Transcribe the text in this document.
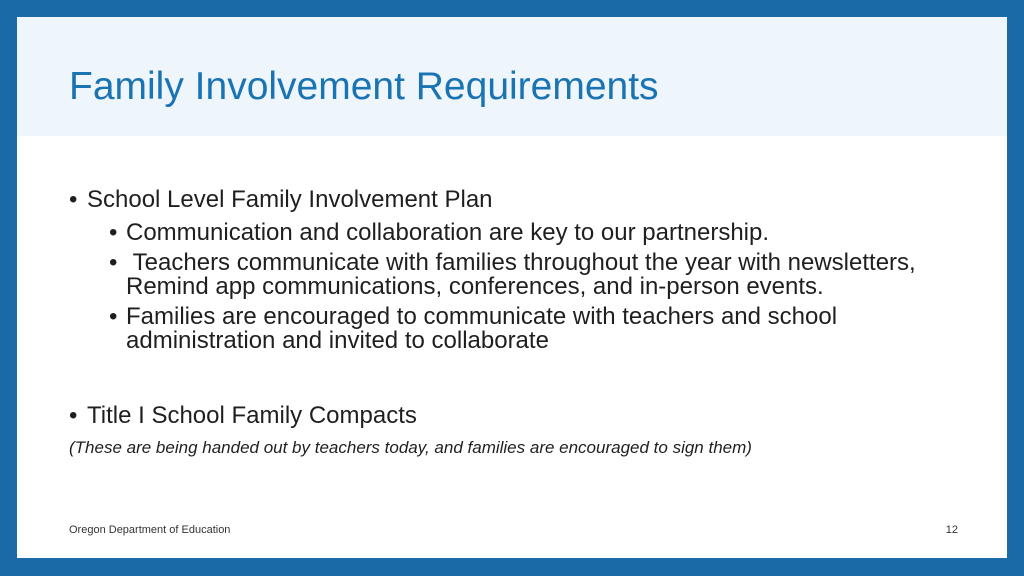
Family Involvement Requirements
• School Level Family Involvement Plan
• Communication and collaboration are key to our partnership.
• Teachers communicate with families throughout the year with newsletters, Remind app communications, conferences, and in-person events.
• Families are encouraged to communicate with teachers and school administration and invited to collaborate
• Title I School Family Compacts
(These are being handed out by teachers today, and families are encouraged to sign them)
Oregon Department of Education	12
